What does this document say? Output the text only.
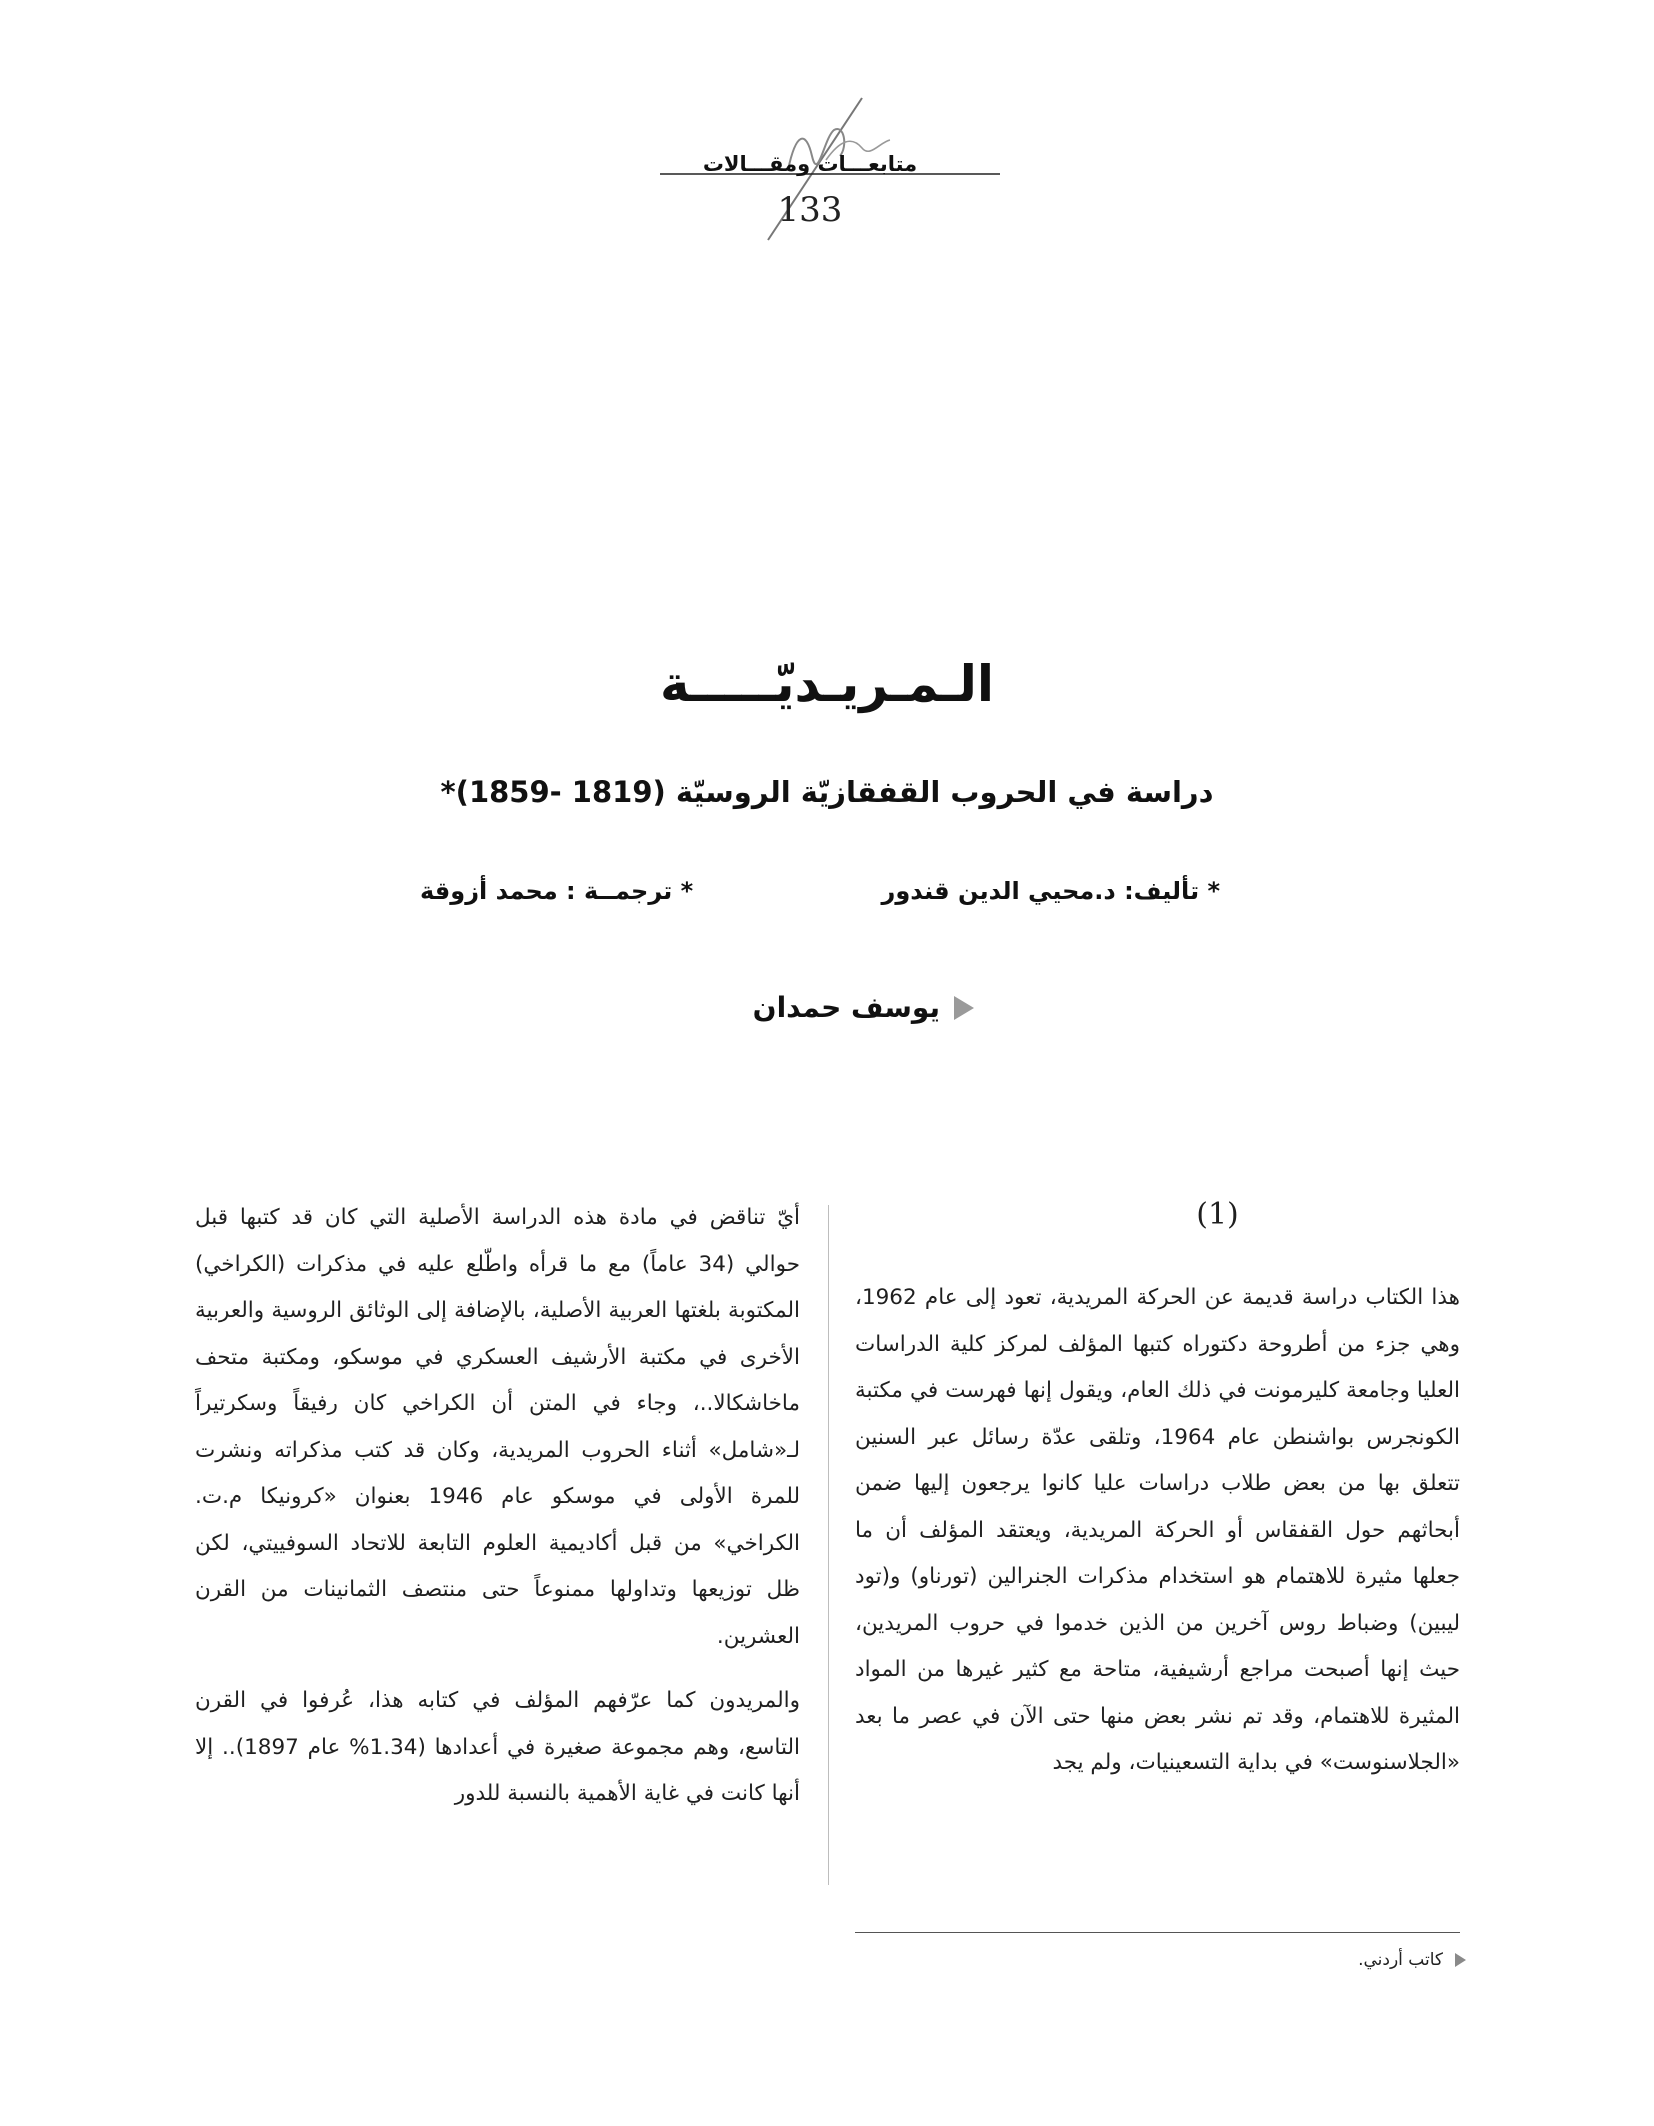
متابعـــات ومقـــالات
133
الـمـريـديّـــــة
دراسة في الحروب القفقازيّة الروسيّة (1819 -1859)*
* تأليف: د.محيي الدين قندور
* ترجمــة : محمد أزوقة
يوسف حمدان
(1)

هذا الكتاب دراسة قديمة عن الحركة المريدية، تعود إلى عام 1962، وهي جزء من أطروحة دكتوراه كتبها المؤلف لمركز كلية الدراسات العليا وجامعة كليرمونت في ذلك العام، ويقول إنها فهرست في مكتبة الكونجرس بواشنطن عام 1964، وتلقى عدّة رسائل عبر السنين تتعلق بها من بعض طلاب دراسات عليا كانوا يرجعون إليها ضمن أبحاثهم حول القفقاس أو الحركة المريدية، ويعتقد المؤلف أن ما جعلها مثيرة للاهتمام هو استخدام مذكرات الجنرالين (تورناو) و(تود ليبين) وضباط روس آخرين من الذين خدموا في حروب المريدين، حيث إنها أصبحت مراجع أرشيفية، متاحة مع كثير غيرها من المواد المثيرة للاهتمام، وقد تم نشر بعض منها حتى الآن في عصر ما بعد «الجلاسنوست» في بداية التسعينيات، ولم يجد

أيّ تناقض في مادة هذه الدراسة الأصلية التي كان قد كتبها قبل حوالي (34 عاماً) مع ما قرأه واطّلع عليه في مذكرات (الكراخي) المكتوبة بلغتها العربية الأصلية، بالإضافة إلى الوثائق الروسية والعربية الأخرى في مكتبة الأرشيف العسكري في موسكو، ومكتبة متحف ماخاشكالا..، وجاء في المتن أن الكراخي كان رفيقاً وسكرتيراً لـ«شامل» أثناء الحروب المريدية، وكان قد كتب مذكراته ونشرت للمرة الأولى في موسكو عام 1946 بعنوان «كرونيكا م.ت. الكراخي» من قبل أكاديمية العلوم التابعة للاتحاد السوفييتي، لكن ظل توزيعها وتداولها ممنوعاً حتى منتصف الثمانينات من القرن العشرين.

والمريدون كما عرّفهم المؤلف في كتابه هذا، عُرفوا في القرن التاسع، وهم مجموعة صغيرة في أعدادها (1.34% عام 1897).. إلا أنها كانت في غاية الأهمية بالنسبة للدور

كاتب أردني.
